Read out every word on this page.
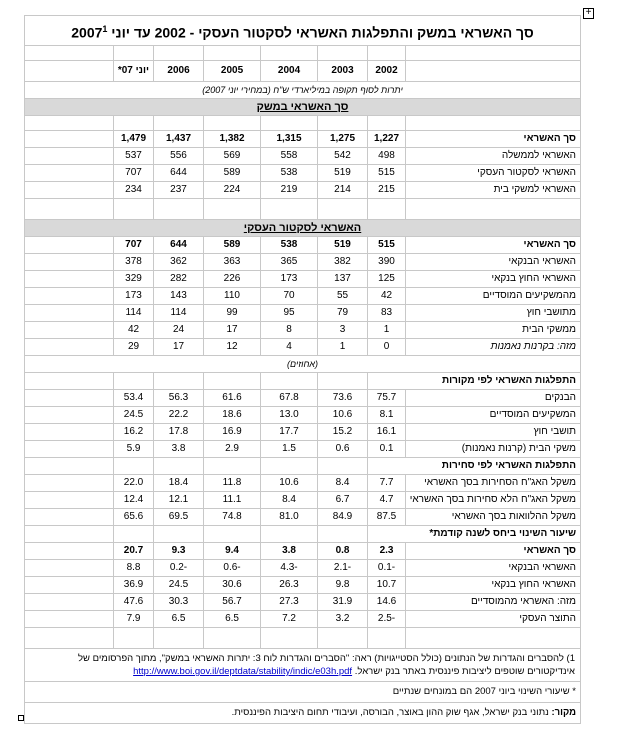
+
סך האשראי במשק והתפלגות האשראי לסקטור העסקי - 2002 עד יוני 2007$^1$

	2002	2003	2004	2005	2006	יוני 07*	
יתרות לסוף תקופה במיליארדי ש"ח (במחירי יוני 2007)							
סך האשראי במשק							

סך האשראי	1,227	1,275	1,315	1,382	1,437	1,479	
האשראי לממשלה	498	542	558	569	556	537	
האשראי לסקטור העסקי	515	519	538	589	644	707	
האשראי למשקי בית	215	214	219	224	237	234	

האשראי לסקטור העסקי							
סך האשראי	515	519	538	589	644	707	
האשראי הבנקאי	390	382	365	363	362	378	
האשראי החוץ בנקאי	125	137	173	226	282	329	
מהמשקיעים המוסדיים	42	55	70	110	143	173	
מתושבי חוץ	83	79	95	99	114	114	
ממשקי הבית	1	3	8	17	24	42	
מזה: בקרנות נאמנות	0	1	4	12	17	29	
(אחוזים)							
התפלגות האשראי לפי מקורות							
הבנקים	75.7	73.6	67.8	61.6	56.3	53.4	
המשקיעים המוסדיים	8.1	10.6	13.0	18.6	22.2	24.5	
תושבי חוץ	16.1	15.2	17.7	16.9	17.8	16.2	
משקי הבית (קרנות נאמנות)	0.1	0.6	1.5	2.9	3.8	5.9	
התפלגות האשראי לפי סחירות							
משקל האג"ח הסחירות בסך האשראי	7.7	8.4	10.6	11.8	18.4	22.0	
משקל האג"ח הלא סחירות בסך האשראי	4.7	6.7	8.4	11.1	12.1	12.4	
משקל ההלוואות בסך האשראי	87.5	84.9	81.0	74.8	69.5	65.6	
שיעור השינוי ביחס לשנה קודמת*							
סך האשראי	2.3	0.8	3.8	9.4	9.3	20.7	
האשראי הבנקאי	-0.1	-2.1	-4.3	-0.6	-0.2	8.8	
האשראי החוץ בנקאי	10.7	9.8	26.3	30.6	24.5	36.9	
מזה: האשראי מהמוסדיים	14.6	31.9	27.3	56.7	30.3	47.6	
התוצר העסקי	-2.5	3.2	7.2	6.5	6.5	7.9	

1) להסברים והגדרות של הנתונים (כולל הסטייגויות) ראה: "הסברים והגדרות לוח 3: יתרות האשראי במשק", מתוך הפרסומים של אינדיקטורים שוטפים ליציבות פיננסית באתר בנק ישראל. http://www.boi.gov.il/deptdata/stability/indic/e03h.pdf							
* שיעורי השינוי ביוני 2007 הם במונחים שנתיים							
מקור: נתוני בנק ישראל, אגף שוק ההון באוצר, הבורסה, ועיבודי תחום היציבות הפיננסית.							
